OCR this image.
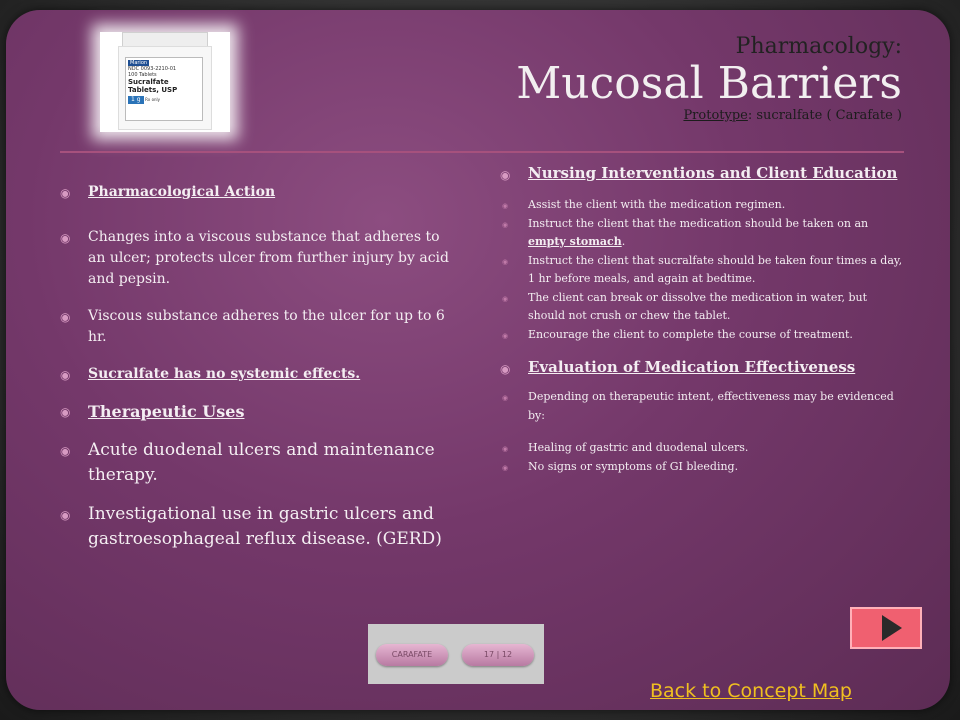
Marion
NDC 0093-2210-01
100 Tablets
Sucralfate
Tablets, USP
1 g Rx only
Pharmacology:
Mucosal Barriers
Prototype: sucralfate ( Carafate )
◉ Pharmacological Action
◉ Changes into a viscous substance that adheres to an ulcer; protects ulcer from further injury by acid and pepsin.
◉ Viscous substance adheres to the ulcer for up to 6 hr.
◉ Sucralfate has no systemic effects.
◉ Therapeutic Uses
◉ Acute duodenal ulcers and maintenance therapy.
◉ Investigational use in gastric ulcers and gastroesophageal reflux disease. (GERD)
◉ Nursing Interventions and Client Education
◉ Assist the client with the medication regimen.
◉ Instruct the client that the medication should be taken on an empty stomach.
◉ Instruct the client that sucralfate should be taken four times a day, 1 hr before meals, and again at bedtime.
◉ The client can break or dissolve the medication in water, but should not crush or chew the tablet.
◉ Encourage the client to complete the course of treatment.
◉ Evaluation of Medication Effectiveness
◉ Depending on therapeutic intent, effectiveness may be evidenced by:
◉ Healing of gastric and duodenal ulcers.
◉ No signs or symptoms of GI bleeding.
CARAFATE	17 | 12
Back to Concept Map
